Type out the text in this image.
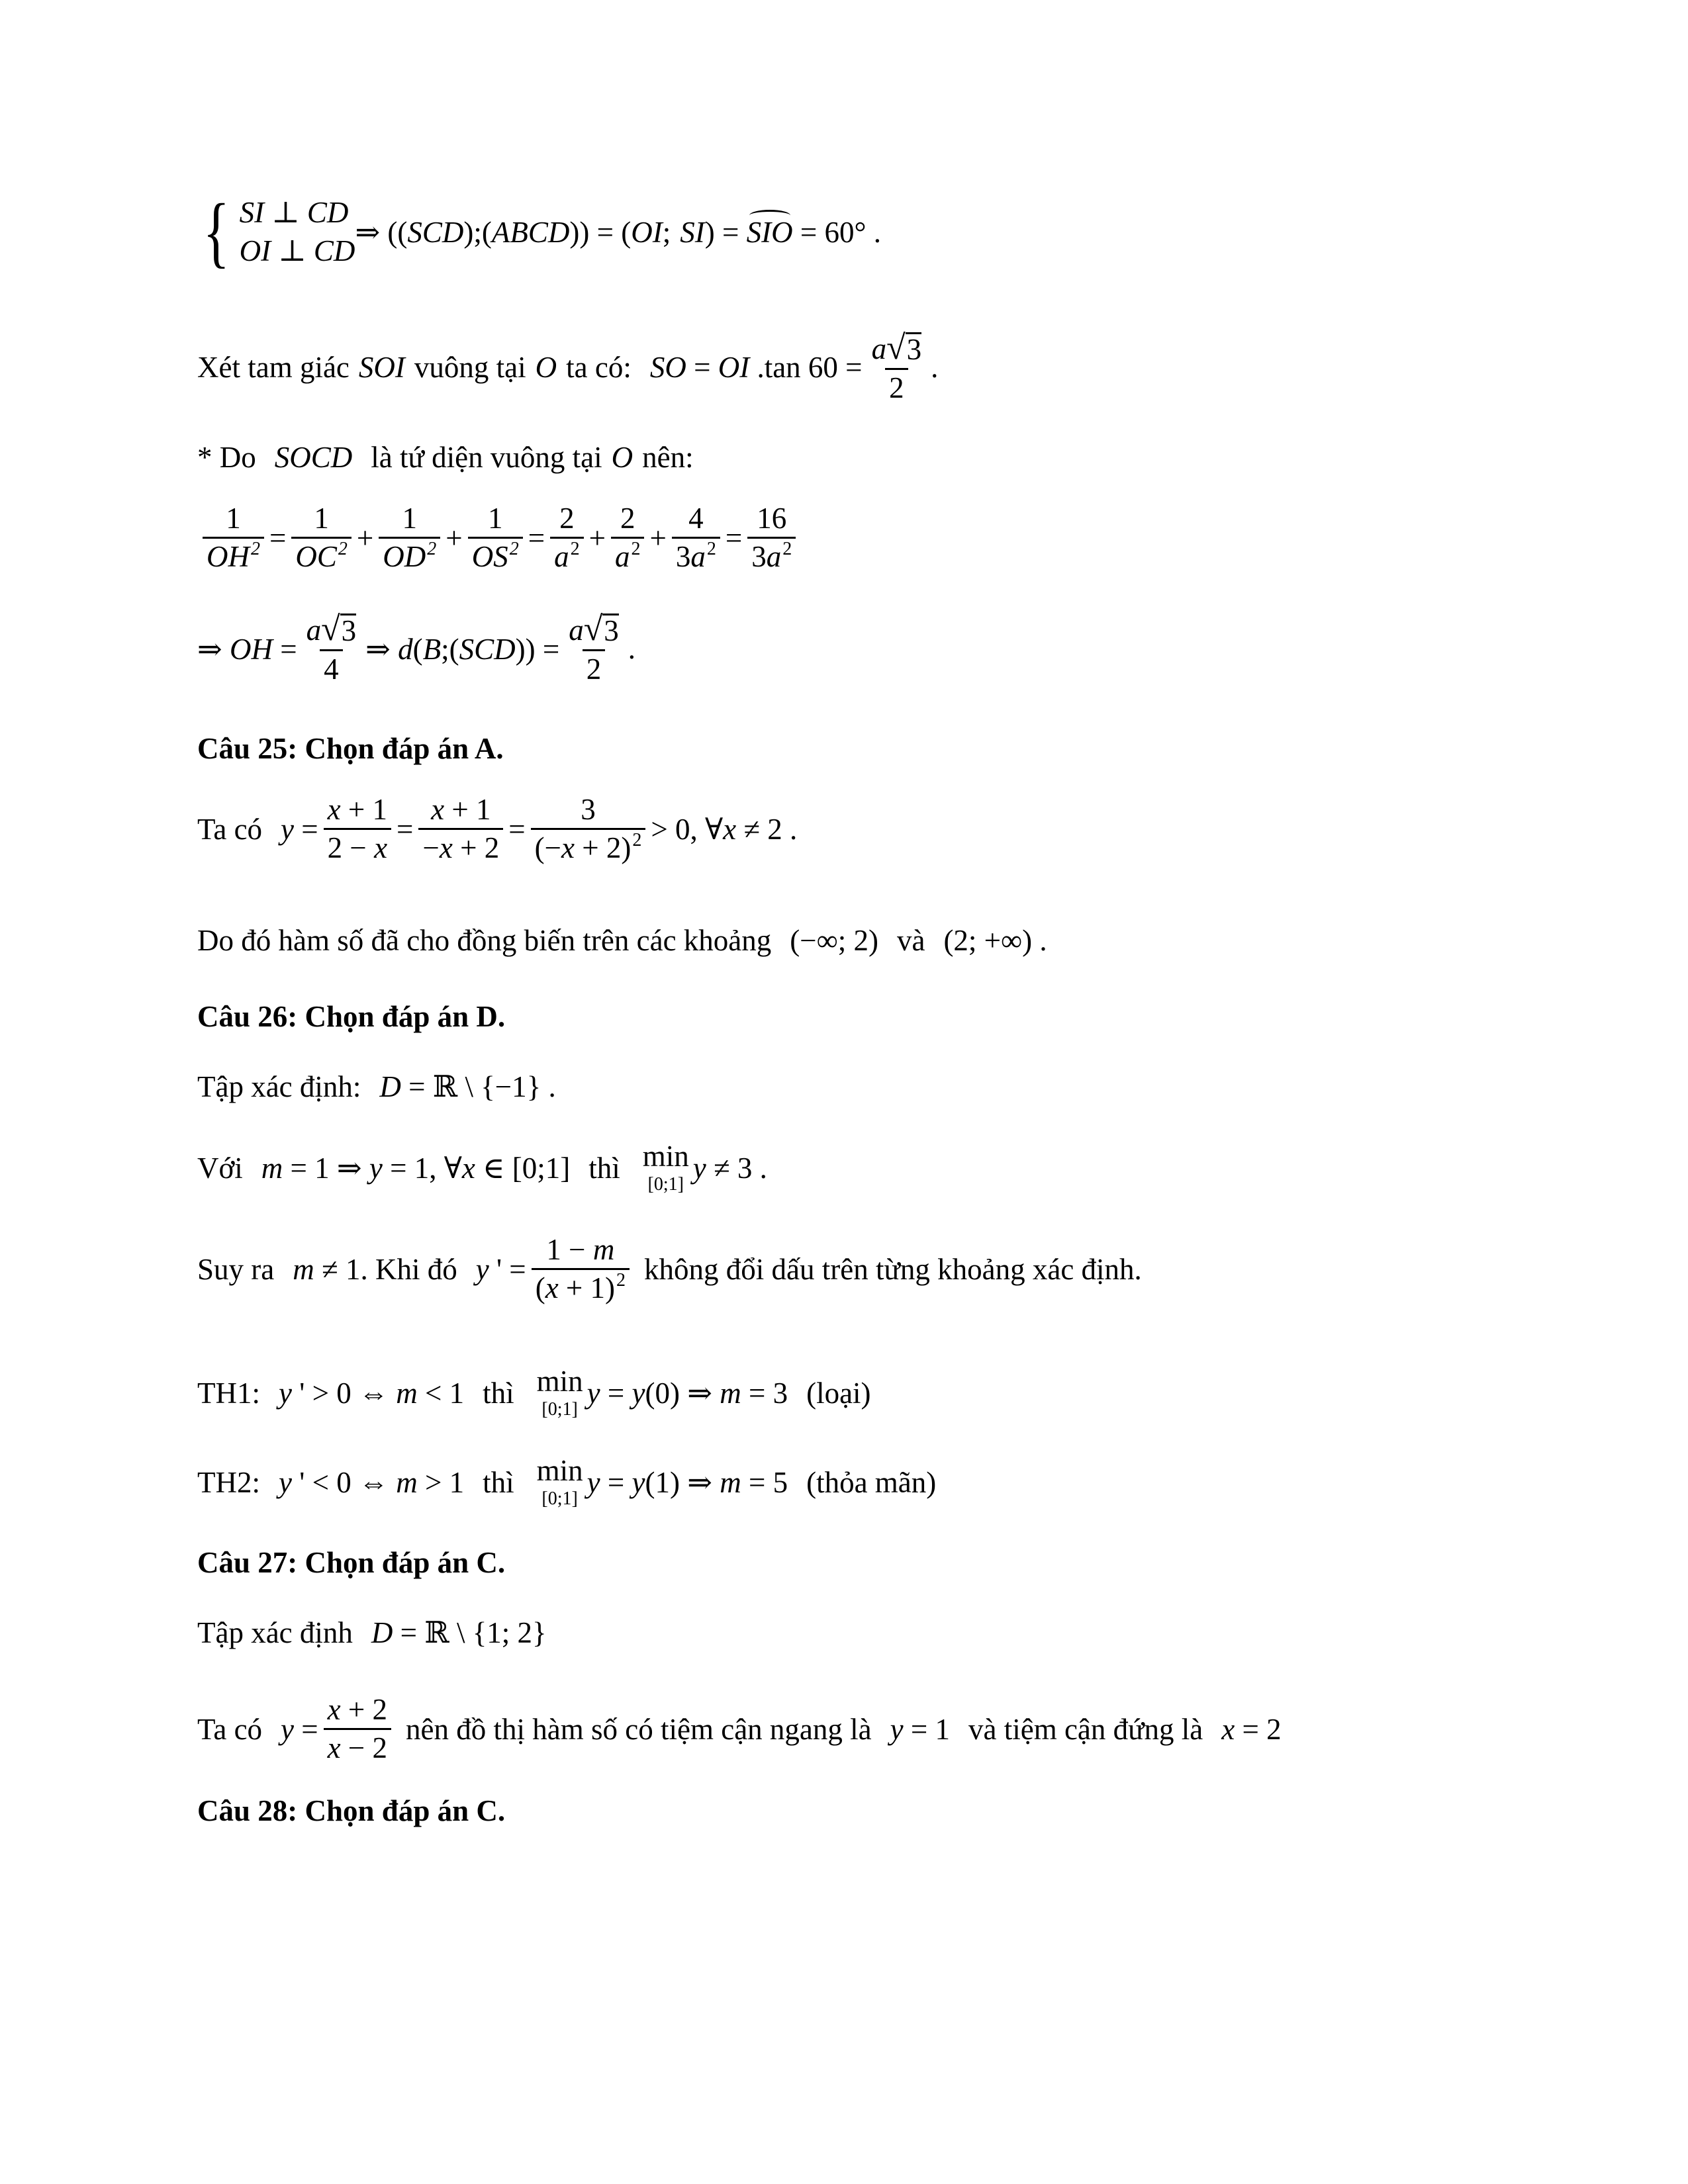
{ SI ⊥ CD
OI ⊥ CD
⇒ ((SCD);(ABCD)) = (OI; SI) = SIO = 60° .
Xét tam giác SOI vuông tại O ta có: SO = OI .tan $60 = \frac{a √ 3}{2}$ .
* Do SOCD là tứ diện vuông tại O nên:
$\frac{1}{OH^2} = \frac{1}{OC^2} + \frac{1}{OD^2} + \frac{1}{OS^2} = \frac{2}{a^2} + \frac{2}{a^2} + \frac{4}{3a^2} = \frac{16}{3a^2}$
⇒ OH = $\frac{a √ 3}{4}$ ⇒ d(B;(SCD)) = $\frac{a √ 3}{2}$ .
Câu 25: Chọn đáp án A.
Ta có $y = \frac{x + 1}{2 - x} = \frac{x + 1}{-x + 2} = \frac{3}{(-x + 2)^2} > 0$, ∀x ≠ 2 .
Do đó hàm số đã cho đồng biến trên các khoảng (−∞; 2) và (2; +∞) .
Câu 26: Chọn đáp án D.
Tập xác định: D = ℝ \ {−1} .
Với m = 1 ⇒ y = 1, ∀x ∈ [0;1] thì min
[0;1] y ≠ 3 .
Suy ra m ≠ 1 . Khi đó y ' = $\frac{1 - m}{(x + 1)^2}$ không đổi dấu trên từng khoảng xác định.
TH1: y ' > 0 ⇔ m < 1 thì min
[0;1] y = y(0) ⇒ m = 3 (loại)
TH2: y ' < 0 ⇔ m > 1 thì min
[0;1] y = y(1) ⇒ m = 5 (thỏa mãn)
Câu 27: Chọn đáp án C.
Tập xác định D = ℝ \ {1; 2}
Ta có $y = \frac{x + 2}{x - 2}$ nên đồ thị hàm số có tiệm cận ngang là y = 1 và tiệm cận đứng là x = 2
Câu 28: Chọn đáp án C.
